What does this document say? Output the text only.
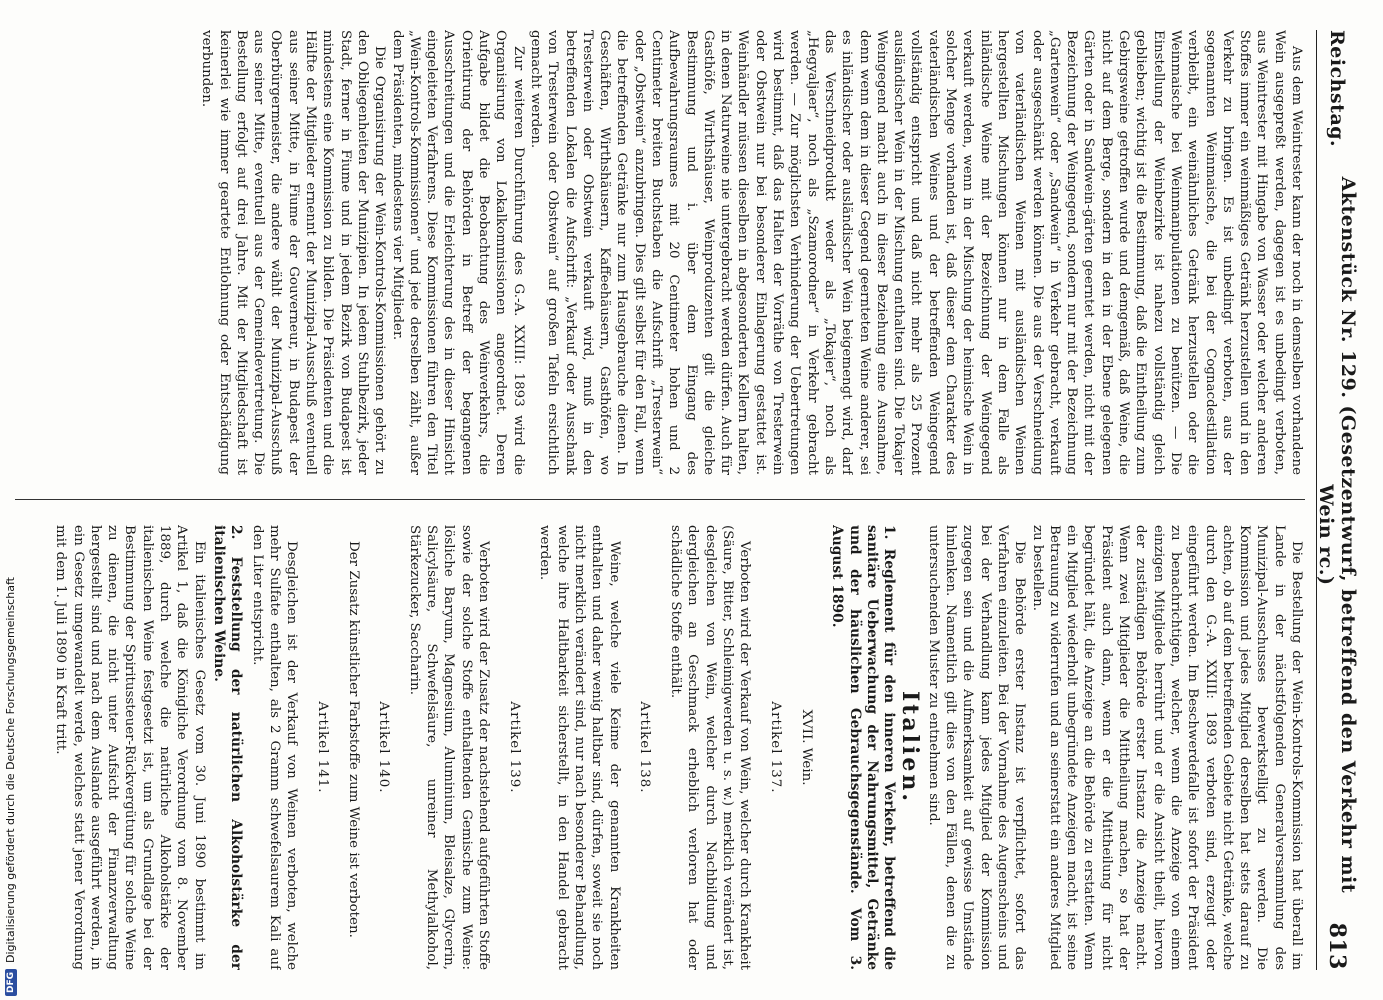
Reichstag.
Aktenstück Nr. 129. (Gesetzentwurf, betreffend den Verkehr mit Wein rc.)
813

Aus dem Weintrester kann der noch in demselben vorhandene Wein ausgepreßt werden, dagegen ist es unbedingt verboten, aus Weintrester mit Hingabe von Wasser oder welcher anderen Stoffes immer ein weinmäßiges Getränk herzustellen und in den Verkehr zu bringen. Es ist unbedingt verboten, aus der sogenannten Weinmaische, die bei der Cognacdestillation verbleibt, ein weinähnliches Getränk herzustellen oder die Weinmaische bei Weinmanipulationen zu benützen. — Die Einstellung der Weinbezirke ist nahezu vollständig gleich geblieben; wichtig ist die Bestimmung, daß die Eintheilung zum Gebirgsweine getroffen wurde und demgemäß, daß Weine, die nicht auf dem Berge, sondern in den in der Ebene gelegenen Gärten oder in Sandwein-gärten geerntet werden, nicht mit der Bezeichnung der Weingegend, sondern nur mit der Bezeichnung „Gartenwein“ oder „Sandwein“ in Verkehr gebracht, verkauft oder ausgeschänkt werden können. Die aus der Verschneidung von vaterländischen Weinen mit ausländischen Weinen hergestellten Mischungen können nur in dem Falle als inländische Weine mit der Bezeichnung der Weingegend verkauft werden, wenn in der Mischung der heimische Wein in solcher Menge vorhanden ist, daß dieser dem Charakter des vaterländischen Weines und der betreffenden Weingegend vollständig entspricht und daß nicht mehr als 25 Prozent ausländischer Wein in der Mischung enthalten sind. Die Tokajer Weingegend macht auch in dieser Beziehung eine Ausnahme, denn wenn dem in dieser Gegend geernteten Weine anderer, sei es inländischer oder ausländischer Wein beigemengt wird, darf das Verschneidprodukt weder als „Tokajer“, noch als „Hegyaljaer“, noch als „Szamorodner“ in Verkehr gebracht werden. — Zur möglichsten Verhinderung der Uebertretungen wird bestimmt, daß das Halten der Vorräthe von Tresterwein oder Obstwein nur bei besonderer Einlagerung gestattet ist. Weinhändler müssen dieselben in abgesonderten Kellern halten, in denen Naturweine nie untergebracht werden dürfen. Auch für Gasthöfe, Wirthshäuser, Weinproduzenten gilt die gleiche Bestimmung und i. über dem Eingang des Aufbewahrungsraumes mit 20 Centimeter hohen und 2 Centimeter breiten Buchstaben die Aufschrift „Tresterwein“ oder „Obstwein“ anzubringen. Dies gilt selbst für den Fall, wenn die betreffenden Getränke nur zum Hausgebrauche dienen. In Geschäften, Wirthshäusern, Kaffeehäusern, Gasthöfen, wo Tresterwein oder Obstwein verkauft wird, muß in den betreffenden Lokalen die Aufschrift: „Verkauf oder Ausschank von Tresterwein oder Obstwein“ auf großen Tafeln ersichtlich gemacht werden.

Zur weiteren Durchführung des G.-A. XXIII: 1893 wird die Organisirung von Lokalkommissionen angeordnet. Deren Aufgabe bildet die Beobachtung des Weinverkehrs, die Orientirung der Behörden in Betreff der begangenen Ausschreitungen und die Erleichterung des in dieser Hinsicht eingeleiteten Verfahrens. Diese Kommissionen führen den Titel „Wein-Kontrols-Kommissionen“ und jede derselben zählt, außer dem Präsidenten, mindestens vier Mitglieder.

Die Organisirung der Wein-Kontrols-Kommissionen gehört zu den Obliegenheiten der Munizipien. In jedem Stuhlbezirk, jeder Stadt, ferner in Fiume und in jedem Bezirk von Budapest ist mindestens eine Kommission zu bilden. Die Präsidenten und die Hälfte der Mitglieder ernennt der Munizipal-Ausschuß eventuell aus seiner Mitte, in Fiume der Gouverneur, in Budapest der Oberbürgermeister, die andere wählt der Munizipal-Ausschuß aus seiner Mitte, eventuell aus der Gemeindevertretung. Die Bestellung erfolgt auf drei Jahre. Mit der Mitgliedschaft ist keinerlei wie immer geartete Entlohnung oder Entschädigung verbunden.

Die Bestellung der Wein-Kontrols-Kommission hat überall im Lande in der nächstfolgenden Generalversammlung des Munizipal-Ausschusses bewerkstelligt zu werden. Die Kommission und jedes Mitglied derselben hat stets darauf zu achten, ob auf dem betreffenden Gebiete nicht Getränke, welche durch den G.-A. XXIII: 1893 verboten sind, erzeugt oder eingeführt werden. Im Beschwerdefalle ist sofort der Präsident zu benachrichtigen, welcher, wenn die Anzeige von einem einzigen Mitgliede herrührt und er die Ansicht theilt, hiervon der zuständigen Behörde erster Instanz die Anzeige macht. Wenn zwei Mitglieder die Mittheilung machen, so hat der Präsident auch dann, wenn er die Mittheilung für nicht begründet hält, die Anzeige an die Behörde zu erstatten. Wenn ein Mitglied wiederholt unbegründete Anzeigen macht, ist seine Betrauung zu widerrufen und an seinerstatt ein anderes Mitglied zu bestellen.

Die Behörde erster Instanz ist verpflichtet, sofort das Verfahren einzuleiten. Bei der Vornahme des Augenscheins und bei der Verhandlung kann jedes Mitglied der Kommission zugegen sein und die Aufmerksamkeit auf gewisse Umstände hinlenken. Namentlich gilt dies von den Fällen, denen die zu untersuchenden Muster zu entnehmen sind.

Italien.

1. Reglement für den inneren Verkehr, betreffend die sanitäre Ueberwachung der Nahrungsmittel, Getränke und der häuslichen Gebrauchsgegenstände. Vom 3. August 1890.

XVII. Wein.

Artikel 137.

Verboten wird der Verkauf von Wein, welcher durch Krankheit (Säure, Bitter, Schleimigwerden u. s. w.) merklich verändert ist, desgleichen von Wein, welcher durch Nachbildung und dergleichen an Geschmack erheblich verloren hat oder schädliche Stoffe enthält.

Artikel 138.

Weine, welche viele Keime der genannten Krankheiten enthalten und daher wenig haltbar sind, dürfen, soweit sie noch nicht merklich verändert sind, nur nach besonderer Behandlung, welche ihre Haltbarkeit sicherstellt, in den Handel gebracht werden.

Artikel 139.

Verboten wird der Zusatz der nachstehend aufgeführten Stoffe sowie der solche Stoffe enthaltenden Gemische zum Weine: lösliche Baryum, Magnesium, Aluminium, Bleisalze, Glycerin, Salicylsäure, Schwefelsäure, unreiner Methylalkohol, Stärkezucker, Saccharin.

Artikel 140.

Der Zusatz künstlicher Farbstoffe zum Weine ist verboten.

Artikel 141.

Desgleichen ist der Verkauf von Weinen verboten, welche mehr Sulfate enthalten, als 2 Gramm schwefelsaurem Kali auf den Liter entspricht.

2. Feststellung der natürlichen Alkoholstärke der italienischen Weine.

Ein italienisches Gesetz vom 30. Juni 1890 bestimmt im Artikel 1, daß die Königliche Verordnung vom 8. November 1889, durch welche die natürliche Alkoholstärke der italienischen Weine festgesetzt ist, um als Grundlage bei der Bestimmung der Spiritussteuer-Rückvergütung für solche Weine zu dienen, die nicht unter Aufsicht der Finanzverwaltung hergestellt sind und nach dem Auslande ausgeführt werden, in ein Gesetz umgewandelt werde, welches statt jener Verordnung mit dem 1. Juli 1890 in Kraft tritt.

DFG
Digitalisierung gefördert durch die Deutsche Forschungsgemeinschaft
